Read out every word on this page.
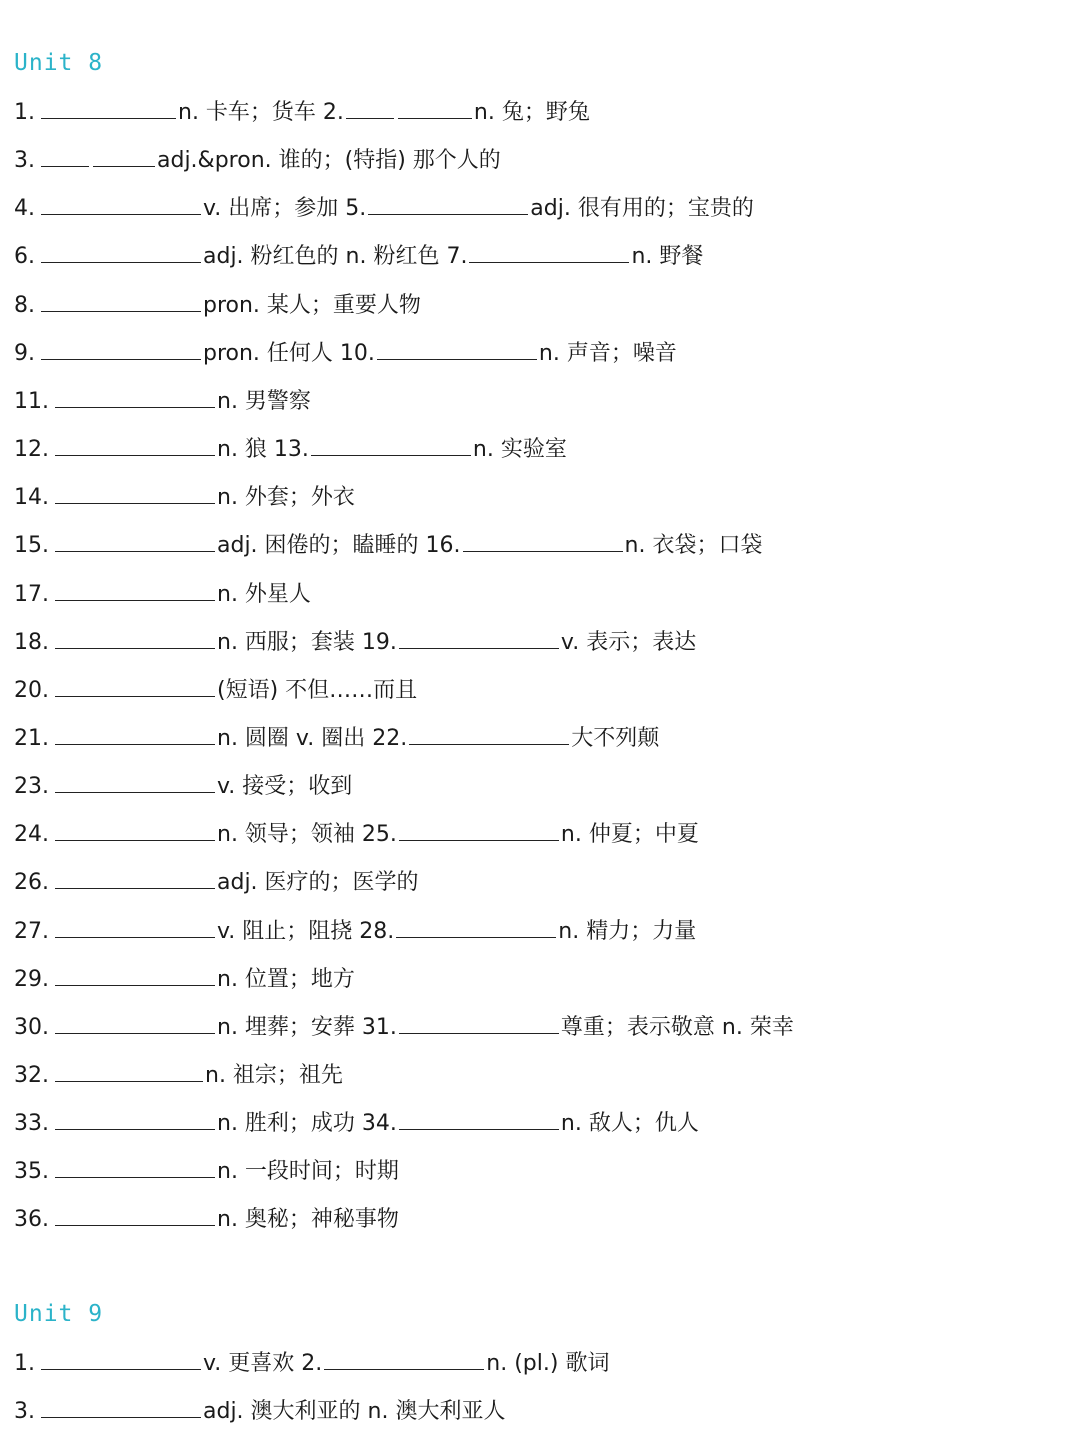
Unit 8
1.	n. 卡车；货车 2.	n. 兔；野兔
3.	adj.&pron. 谁的；(特指) 那个人的
4.	v. 出席；参加 5.	adj. 很有用的；宝贵的
6.	adj. 粉红色的 n. 粉红色 7.	n. 野餐
8.	pron. 某人；重要人物
9.	pron. 任何人 10.	n. 声音；噪音
11.	n. 男警察
12.	n. 狼 13.	n. 实验室
14.	n. 外套；外衣
15.	adj. 困倦的；瞌睡的 16.	n. 衣袋；口袋
17.	n. 外星人
18.	n. 西服；套装 19.	v. 表示；表达
20.	(短语) 不但……而且
21.	n. 圆圈 v. 圈出 22.	大不列颠
23.	v. 接受；收到
24.	n. 领导；领袖 25.	n. 仲夏；中夏
26.	adj. 医疗的；医学的
27.	v. 阻止；阻挠 28.	n. 精力；力量
29.	n. 位置；地方
30.	n. 埋葬；安葬 31.	尊重；表示敬意 n. 荣幸
32.	n. 祖宗；祖先
33.	n. 胜利；成功 34.	n. 敌人；仇人
35.	n. 一段时间；时期
36.	n. 奥秘；神秘事物
Unit 9
1.	v. 更喜欢 2.	n. (pl.) 歌词
3.	adj. 澳大利亚的 n. 澳大利亚人
